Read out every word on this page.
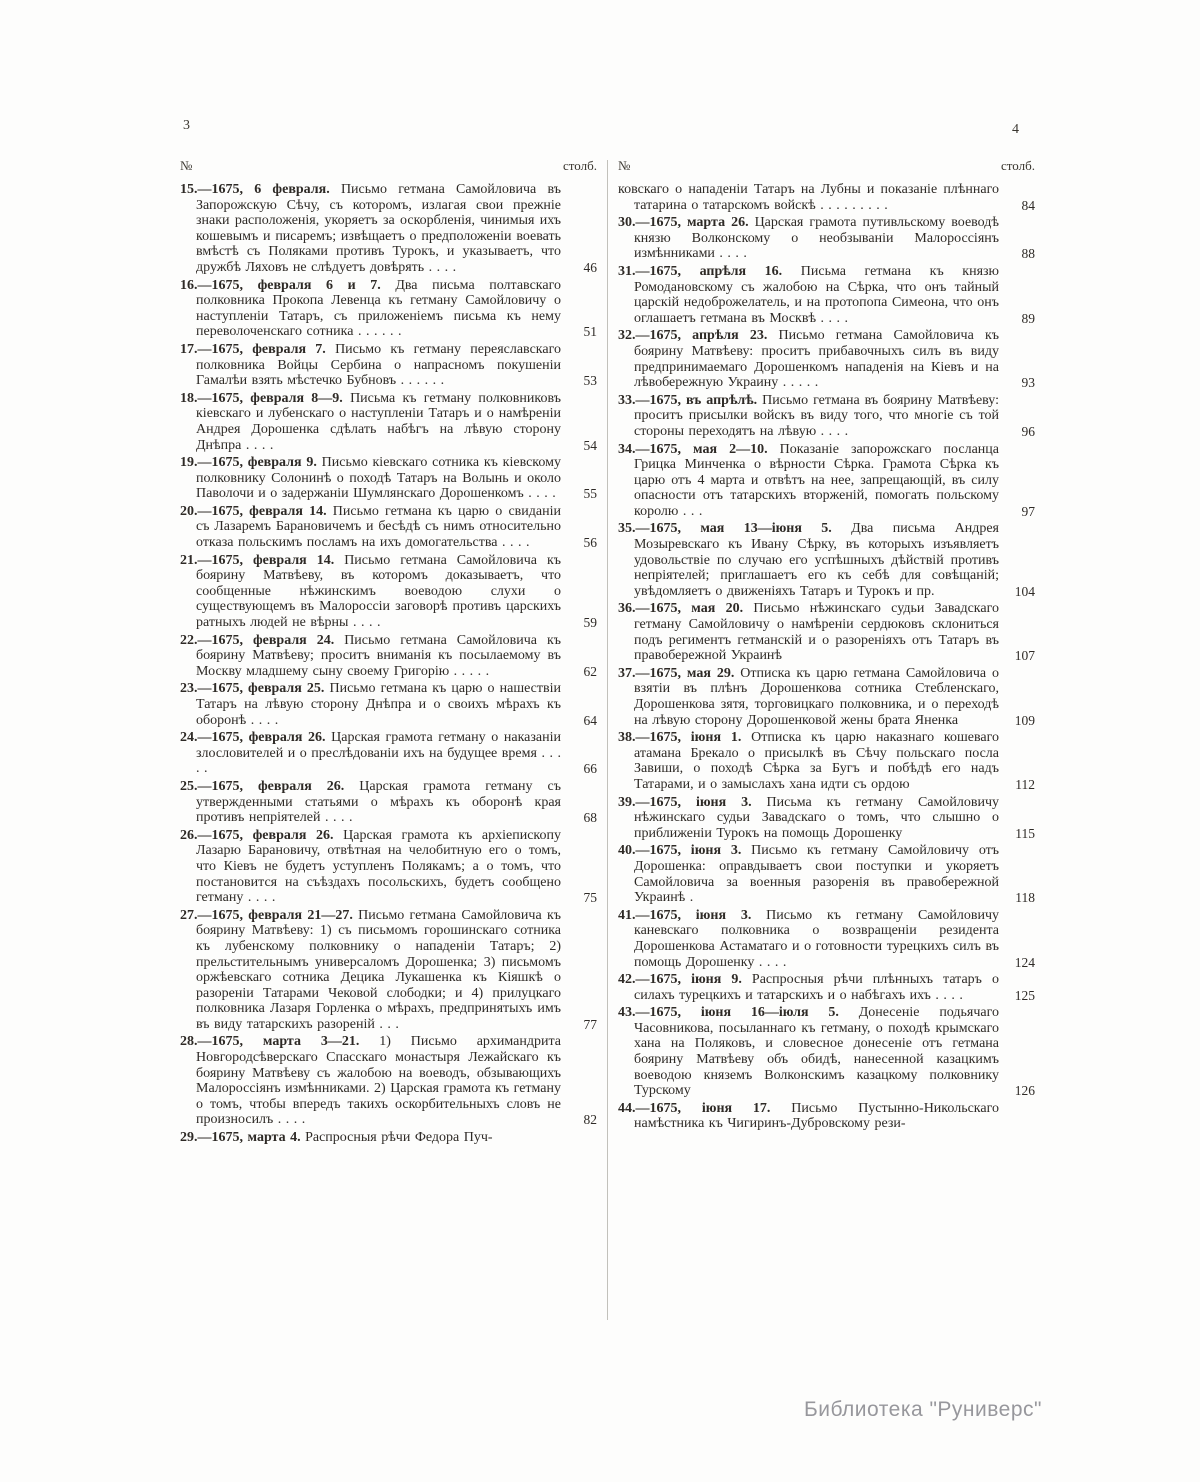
3	4
№	столб.
15.—1675, 6 февраля. Письмо гетмана Самойловича въ Запорожскую Сѣчу, съ которомъ, излагая свои прежніе знаки расположенія, укоряетъ за оскорбленія, чинимыя ихъ кошевымъ и писаремъ; извѣщаетъ о предположеніи воевать вмѣстѣ съ Поляками противъ Турокъ, и указываетъ, что дружбѣ Ляховъ не слѣдуетъ довѣрять . . . .	46
16.—1675, февраля 6 и 7. Два письма полтавскаго полковника Прокопа Левенца къ гетману Самойловичу о наступленіи Татаръ, съ приложеніемъ письма къ нему переволоченскаго сотника . . . . . .	51
17.—1675, февраля 7. Письмо къ гетману переяславскаго полковника Войцы Сербина о напрасномъ покушеніи Гамалѣи взять мѣстечко Бубновъ . . . . . .	53
18.—1675, февраля 8—9. Письма къ гетману полковниковъ кіевскаго и лубенскаго о наступленіи Татаръ и о намѣреніи Андрея Дорошенка сдѣлать набѣгъ на лѣвую сторону Днѣпра . . . .	54
19.—1675, февраля 9. Письмо кіевскаго сотника къ кіевскому полковнику Солонинѣ о походѣ Татаръ на Волынь и около Паволочи и о задержаніи Шумлянскаго Дорошенкомъ . . . .	55
20.—1675, февраля 14. Письмо гетмана къ царю о свиданіи съ Лазаремъ Барановичемъ и бесѣдѣ съ нимъ относительно отказа польскимъ посламъ на ихъ домогательства . . . .	56
21.—1675, февраля 14. Письмо гетмана Самойловича къ боярину Матвѣеву, въ которомъ доказываетъ, что сообщенные нѣжинскимъ воеводою слухи о существующемъ въ Малороссіи заговорѣ противъ царскихъ ратныхъ людей не вѣрны . . . .	59
22.—1675, февраля 24. Письмо гетмана Самойловича къ боярину Матвѣеву; проситъ вниманія къ посылаемому въ Москву младшему сыну своему Григорію . . . . .	62
23.—1675, февраля 25. Письмо гетмана къ царю о нашествіи Татаръ на лѣвую сторону Днѣпра и о своихъ мѣрахъ къ оборонѣ . . . .	64
24.—1675, февраля 26. Царская грамота гетману о наказаніи злословителей и о преслѣдованіи ихъ на будущее время . . . . .	66
25.—1675, февраля 26. Царская грамота гетману съ утвержденными статьями о мѣрахъ къ оборонѣ края противъ непріятелей . . . .	68
26.—1675, февраля 26. Царская грамота къ архіепископу Лазарю Барановичу, отвѣтная на челобитную его о томъ, что Кіевъ не будетъ уступленъ Полякамъ; а о томъ, что постановится на съѣздахъ посольскихъ, будетъ сообщено гетману . . . .	75
27.—1675, февраля 21—27. Письмо гетмана Самойловича къ боярину Матвѣеву: 1) съ письмомъ горошинскаго сотника къ лубенскому полковнику о нападеніи Татаръ; 2) прельстительнымъ универсаломъ Дорошенка; 3) письмомъ оржѣевскаго сотника Децика Лукашенка къ Кіяшкѣ о разореніи Татарами Чековой слободки; и 4) прилуцкаго полковника Лазаря Горленка о мѣрахъ, предпринятыхъ имъ въ виду татарскихъ разореній . . .	77
28.—1675, марта 3—21. 1) Письмо архимандрита Новгородсѣверскаго Спасскаго монастыря Лежайскаго къ боярину Матвѣеву съ жалобою на воеводъ, обзывающихъ Малороссіянъ измѣнниками. 2) Царская грамота къ гетману о томъ, чтобы впередъ такихъ оскорбительныхъ словъ не произносилъ . . . .	82
29.—1675, марта 4. Распросныя рѣчи Федора Пуч-
№	столб.
ковскаго о нападеніи Татаръ на Лубны и показаніе плѣннаго татарина о татарскомъ войскѣ . . . . . . . . .	84
30.—1675, марта 26. Царская грамота путивльскому воеводѣ князю Волконскому о необзываніи Малороссіянъ измѣнниками . . . .	88
31.—1675, апрѣля 16. Письма гетмана къ князю Ромодановскому съ жалобою на Сѣрка, что онъ тайный царскій недоброжелатель, и на протопопа Симеона, что онъ оглашаетъ гетмана въ Москвѣ . . . .	89
32.—1675, апрѣля 23. Письмо гетмана Самойловича къ боярину Матвѣеву: проситъ прибавочныхъ силъ въ виду предпринимаемаго Дорошенкомъ нападенія на Кіевъ и на лѣвобережную Украину . . . . .	93
33.—1675, въ апрѣлѣ. Письмо гетмана въ боярину Матвѣеву: проситъ присылки войскъ въ виду того, что многіе съ той стороны переходятъ на лѣвую . . . .	96
34.—1675, мая 2—10. Показаніе запорожскаго посланца Грицка Минченка о вѣрности Сѣрка. Грамота Сѣрка къ царю отъ 4 марта и отвѣтъ на нее, запрещающій, въ силу опасности отъ татарскихъ вторженій, помогать польскому королю . . .	97
35.—1675, мая 13—іюня 5. Два письма Андрея Мозыревскаго къ Ивану Сѣрку, въ которыхъ изъявляетъ удовольствіе по случаю его успѣшныхъ дѣйствій противъ непріятелей; приглашаетъ его къ себѣ для совѣщаній; увѣдомляетъ о движеніяхъ Татаръ и Турокъ и пр.	104
36.—1675, мая 20. Письмо нѣжинскаго судьи Завадскаго гетману Самойловичу о намѣреніи сердюковъ склониться подъ региментъ гетманскій и о разореніяхъ отъ Татаръ въ правобережной Украинѣ	107
37.—1675, мая 29. Отписка къ царю гетмана Самойловича о взятіи въ плѣнъ Дорошенкова сотника Стебленскаго, Дорошенкова зятя, торговицкаго полковника, и о переходѣ на лѣвую сторону Дорошенковой жены брата Яненка	109
38.—1675, іюня 1. Отписка къ царю наказнаго кошеваго атамана Брекало о присылкѣ въ Сѣчу польскаго посла Завиши, о походѣ Сѣрка за Бугъ и побѣдѣ его надъ Татарами, и о замыслахъ хана идти съ ордою	112
39.—1675, іюня 3. Письма къ гетману Самойловичу нѣжинскаго судьи Завадскаго о томъ, что слышно о приближеніи Турокъ на помощь Дорошенку	115
40.—1675, іюня 3. Письмо къ гетману Самойловичу отъ Дорошенка: оправдываетъ свои поступки и укоряетъ Самойловича за военныя разоренія въ правобережной Украинѣ .	118
41.—1675, іюня 3. Письмо къ гетману Самойловичу каневскаго полковника о возвращеніи резидента Дорошенкова Астаматаго и о готовности турецкихъ силъ въ помощь Дорошенку . . . .	124
42.—1675, іюня 9. Распросныя рѣчи плѣнныхъ татаръ о силахъ турецкихъ и татарскихъ и о набѣгахъ ихъ . . . .	125
43.—1675, іюня 16—іюля 5. Донесеніе подьячаго Часовникова, посыланнаго къ гетману, о походѣ крымскаго хана на Поляковъ, и словесное донесеніе отъ гетмана боярину Матвѣеву объ обидѣ, нанесенной казацкимъ воеводою княземъ Волконскимъ казацкому полковнику Турскому	126
44.—1675, іюня 17. Письмо Пустынно-Никольскаго намѣстника къ Чигиринъ-Дубровскому рези-
Библиотека "Руниверс"
